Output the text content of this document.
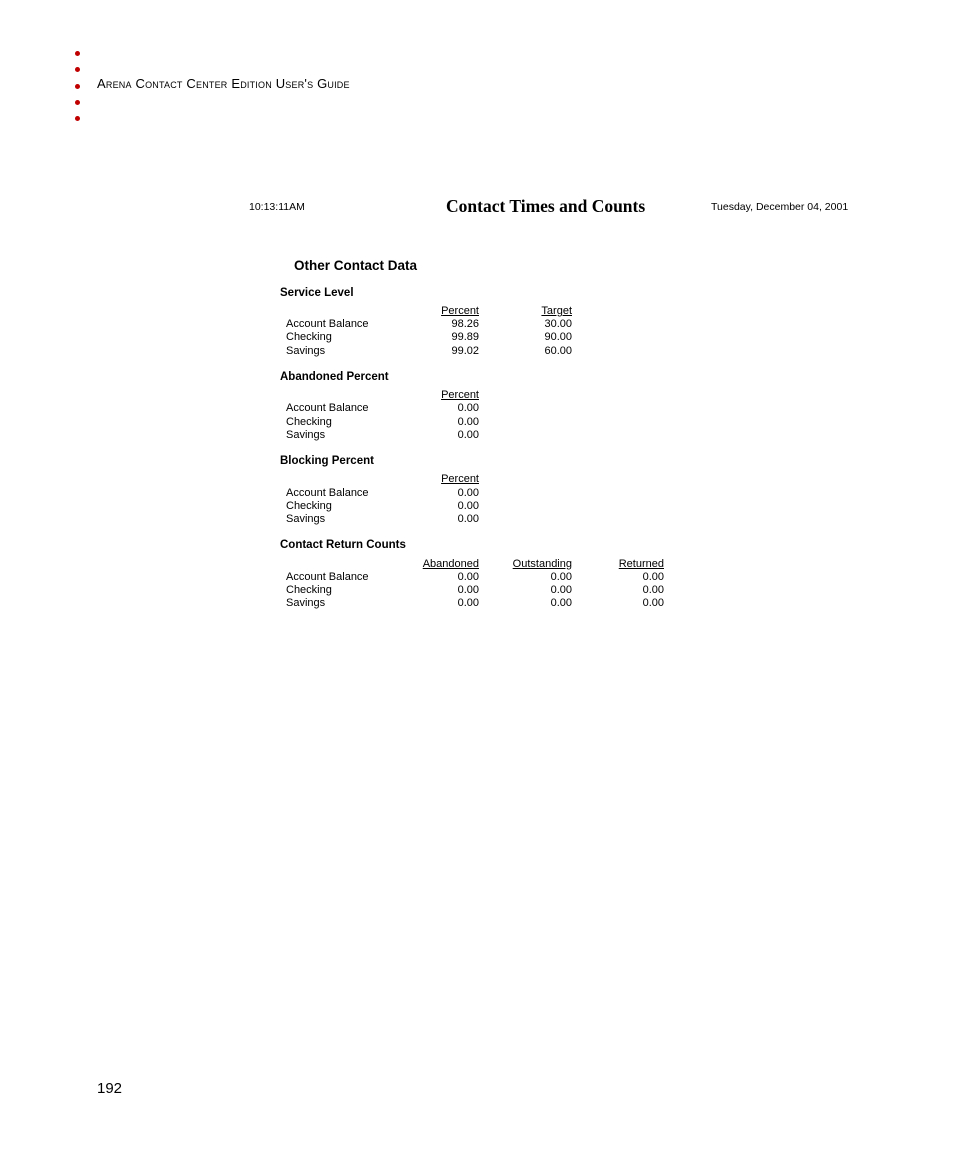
Arena Contact Center Edition User's Guide
10:13:11AM	Contact Times and Counts	Tuesday, December 04, 2001
Other Contact Data
Service Level
Percent	Target
Account Balance	98.26	30.00
Checking	99.89	90.00
Savings	99.02	60.00
Abandoned Percent
Percent
Account Balance	0.00
Checking	0.00
Savings	0.00
Blocking Percent
Percent
Account Balance	0.00
Checking	0.00
Savings	0.00
Contact Return Counts
Abandoned	Outstanding	Returned
Account Balance	0.00	0.00	0.00
Checking	0.00	0.00	0.00
Savings	0.00	0.00	0.00
192
